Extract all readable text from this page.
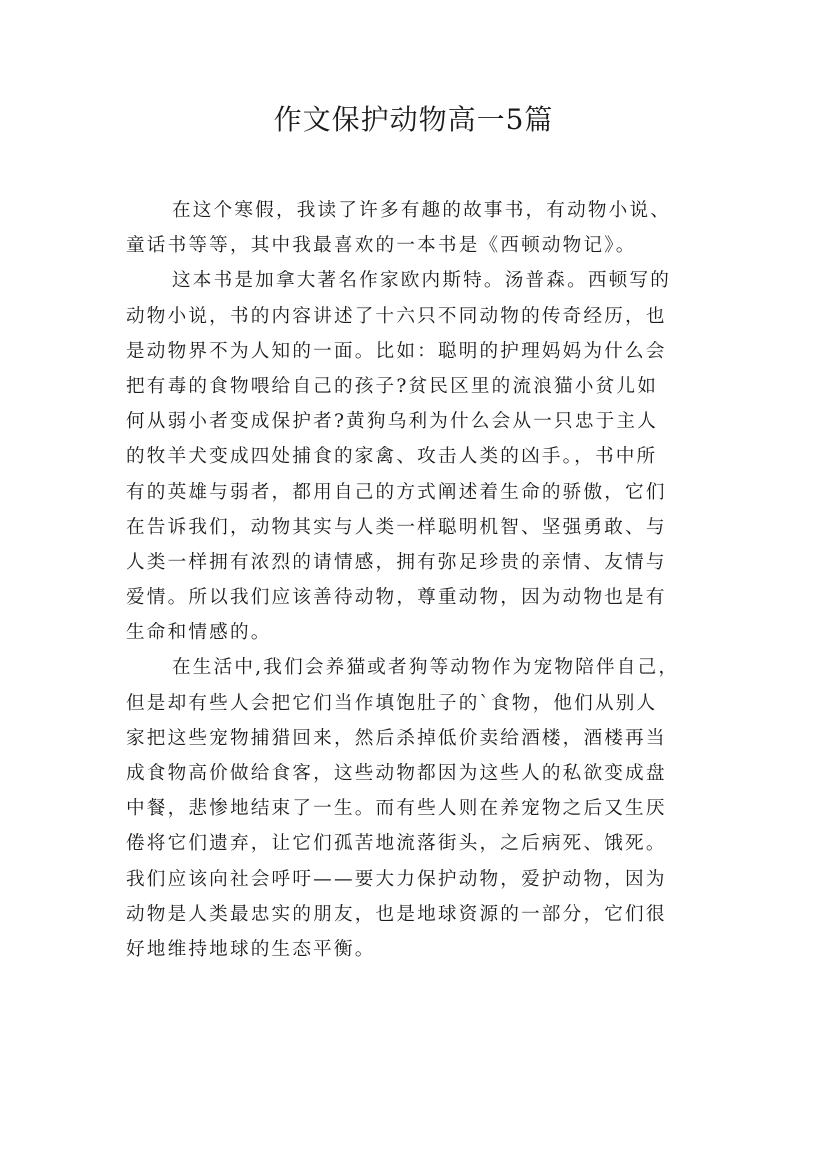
作文保护动物高一5篇
在这个寒假，我读了许多有趣的故事书，有动物小说、
童话书等等，其中我最喜欢的一本书是《西顿动物记》。
这本书是加拿大著名作家欧内斯特。汤普森。西顿写的
动物小说，书的内容讲述了十六只不同动物的传奇经历，也
是动物界不为人知的一面。比如：聪明的护理妈妈为什么会
把有毒的食物喂给自己的孩子?贫民区里的流浪猫小贫儿如
何从弱小者变成保护者?黄狗乌利为什么会从一只忠于主人
的牧羊犬变成四处捕食的家禽、攻击人类的凶手。，书中所
有的英雄与弱者，都用自己的方式阐述着生命的骄傲，它们
在告诉我们，动物其实与人类一样聪明机智、坚强勇敢、与
人类一样拥有浓烈的请情感，拥有弥足珍贵的亲情、友情与
爱情。所以我们应该善待动物，尊重动物，因为动物也是有
生命和情感的。
在生活中,我们会养猫或者狗等动物作为宠物陪伴自己，
但是却有些人会把它们当作填饱肚子的`食物，他们从别人
家把这些宠物捕猎回来，然后杀掉低价卖给酒楼，酒楼再当
成食物高价做给食客，这些动物都因为这些人的私欲变成盘
中餐，悲惨地结束了一生。而有些人则在养宠物之后又生厌
倦将它们遗弃，让它们孤苦地流落街头，之后病死、饿死。
我们应该向社会呼吁——要大力保护动物，爱护动物，因为
动物是人类最忠实的朋友，也是地球资源的一部分，它们很
好地维持地球的生态平衡。
